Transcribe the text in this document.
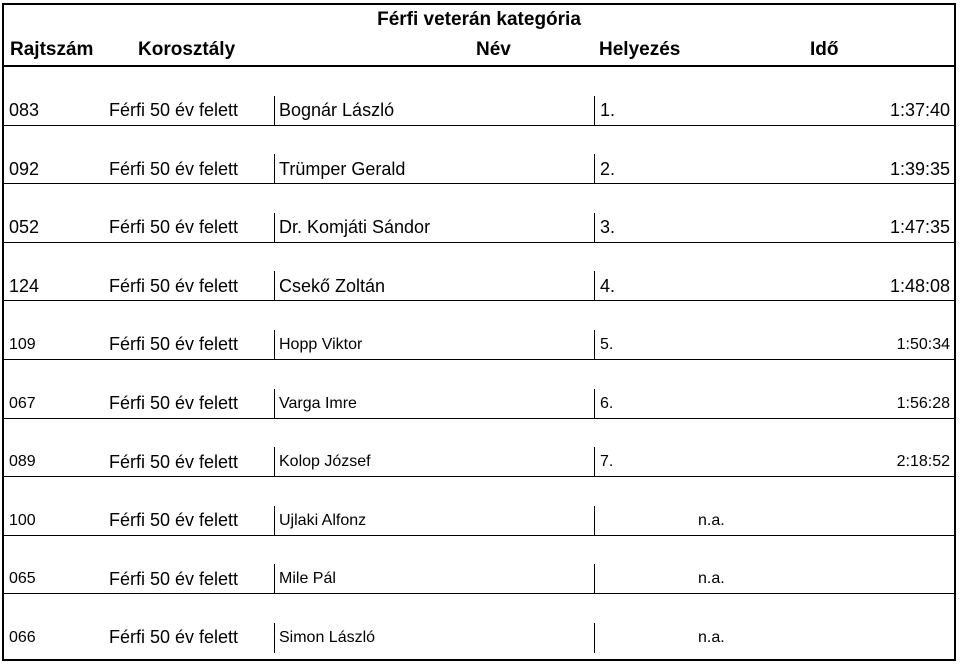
Férfi veterán kategória
Rajtszám Korosztály	Név	Helyezés	Idő
083	Férfi 50 év felett	Bognár László	1.	1:37:40
092	Férfi 50 év felett	Trümper Gerald	2.	1:39:35
052	Férfi 50 év felett	Dr. Komjáti Sándor	3.	1:47:35
124	Férfi 50 év felett	Csekő Zoltán	4.	1:48:08
109	Férfi 50 év felett	Hopp Viktor	5.	1:50:34
067	Férfi 50 év felett	Varga Imre	6.	1:56:28
089	Férfi 50 év felett	Kolop József	7.	2:18:52
100	Férfi 50 év felett	Ujlaki Alfonz	n.a.
065	Férfi 50 év felett	Mile Pál	n.a.
066	Férfi 50 év felett	Simon László	n.a.
